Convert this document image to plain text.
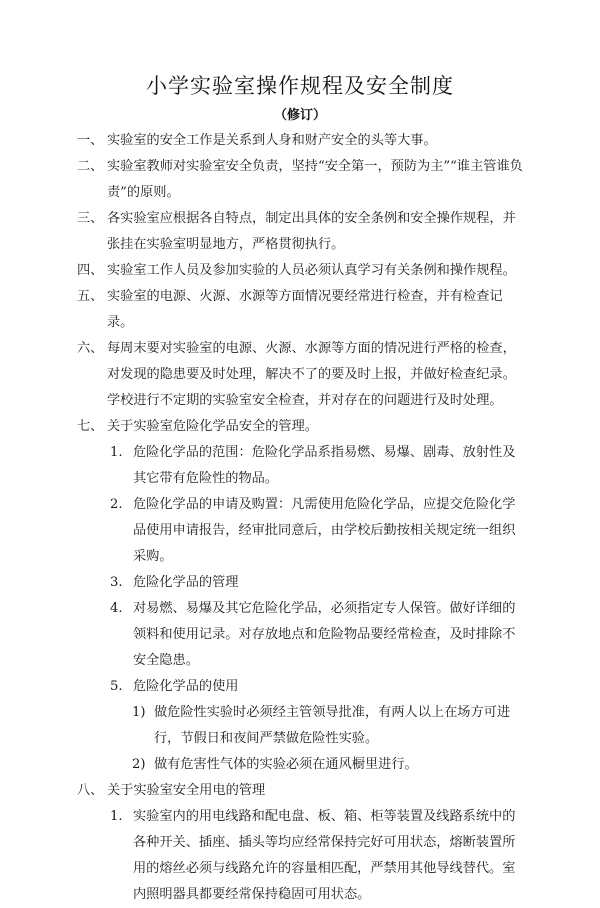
小学实验室操作规程及安全制度
（修订）
一、 实验室的安全工作是关系到人身和财产安全的头等大事。
二、 实验室教师对实验室安全负责，坚持“安全第一，预防为主”“谁主管谁负责”的原则。
三、 各实验室应根据各自特点，制定出具体的安全条例和安全操作规程，并张挂在实验室明显地方，严格贯彻执行。
四、 实验室工作人员及参加实验的人员必须认真学习有关条例和操作规程。
五、 实验室的电源、火源、水源等方面情况要经常进行检查，并有检查记录。
六、 每周末要对实验室的电源、火源、水源等方面的情况进行严格的检查，对发现的隐患要及时处理，解决不了的要及时上报，并做好检查纪录。学校进行不定期的实验室安全检查，并对存在的问题进行及时处理。
七、 关于实验室危险化学品安全的管理。
1. 危险化学品的范围：危险化学品系指易燃、易爆、剧毒、放射性及其它带有危险性的物品。
2. 危险化学品的申请及购置：凡需使用危险化学品，应提交危险化学品使用申请报告，经审批同意后，由学校后勤按相关规定统一组织采购。
3. 危险化学品的管理
4. 对易燃、易爆及其它危险化学品，必须指定专人保管。做好详细的领料和使用记录。对存放地点和危险物品要经常检查，及时排除不安全隐患。
5. 危险化学品的使用
1) 做危险性实验时必须经主管领导批准，有两人以上在场方可进行，节假日和夜间严禁做危险性实验。
2) 做有危害性气体的实验必须在通风橱里进行。
八、 关于实验室安全用电的管理
1. 实验室内的用电线路和配电盘、板、箱、柜等装置及线路系统中的各种开关、插座、插头等均应经常保持完好可用状态，熔断装置所用的熔丝必须与线路允许的容量相匹配，严禁用其他导线替代。室内照明器具都要经常保持稳固可用状态。
